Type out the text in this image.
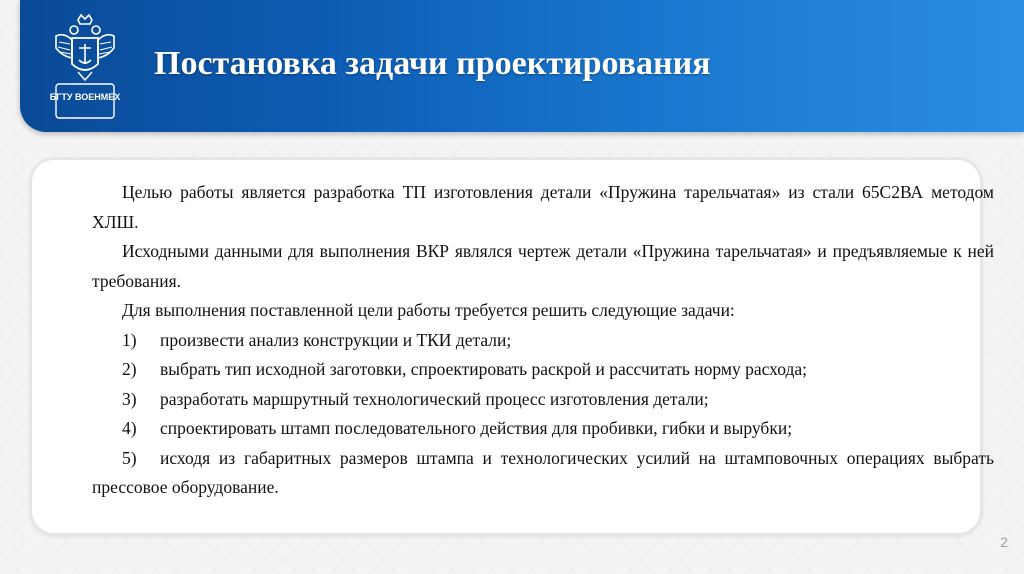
БГТУ ВОЕНМЕХ
Постановка задачи проектирования

Целью работы является разработка ТП изготовления детали «Пружина тарельчатая» из стали 65С2ВА методом ХЛШ.

Исходными данными для выполнения ВКР являлся чертеж детали «Пружина тарельчатая» и предъявляемые к ней требования.

Для выполнения поставленной цели работы требуется решить следующие задачи:

1) произвести анализ конструкции и ТКИ детали;

2) выбрать тип исходной заготовки, спроектировать раскрой и рассчитать норму расхода;

3) разработать маршрутный технологический процесс изготовления детали;

4) спроектировать штамп последовательного действия для пробивки, гибки и вырубки;

5) исходя из габаритных размеров штампа и технологических усилий на штамповочных операциях выбрать прессовое оборудование.

2
